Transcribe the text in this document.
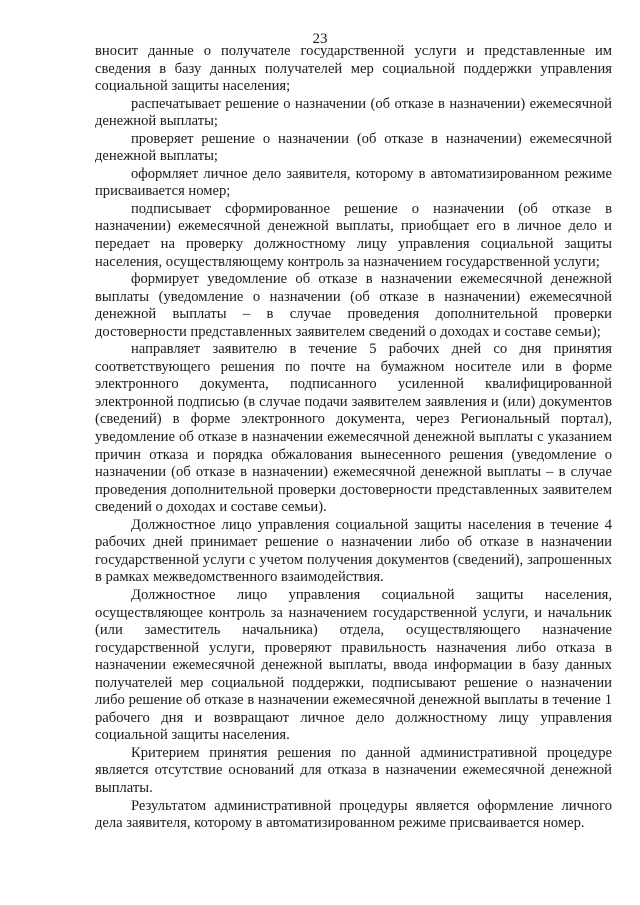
23

вносит данные о получателе государственной услуги и представленные им сведения в базу данных получателей мер социальной поддержки управления социальной защиты населения;

распечатывает решение о назначении (об отказе в назначении) ежемесячной денежной выплаты;

проверяет решение о назначении (об отказе в назначении) ежемесячной денежной выплаты;

оформляет личное дело заявителя, которому в автоматизированном режиме присваивается номер;

подписывает сформированное решение о назначении (об отказе в назначении) ежемесячной денежной выплаты, приобщает его в личное дело и передает на проверку должностному лицу управления социальной защиты населения, осуществляющему контроль за назначением государственной услуги;

формирует уведомление об отказе в назначении ежемесячной денежной выплаты (уведомление о назначении (об отказе в назначении) ежемесячной денежной выплаты – в случае проведения дополнительной проверки достоверности представленных заявителем сведений о доходах и составе семьи);

направляет заявителю в течение 5 рабочих дней со дня принятия соответствующего решения по почте на бумажном носителе или в форме электронного документа, подписанного усиленной квалифицированной электронной подписью (в случае подачи заявителем заявления и (или) документов (сведений) в форме электронного документа, через Региональный портал), уведомление об отказе в назначении ежемесячной денежной выплаты с указанием причин отказа и порядка обжалования вынесенного решения (уведомление о назначении (об отказе в назначении) ежемесячной денежной выплаты – в случае проведения дополнительной проверки достоверности представленных заявителем сведений о доходах и составе семьи).

Должностное лицо управления социальной защиты населения в течение 4 рабочих дней принимает решение о назначении либо об отказе в назначении государственной услуги с учетом получения документов (сведений), запрошенных в рамках межведомственного взаимодействия.

Должностное лицо управления социальной защиты населения, осуществляющее контроль за назначением государственной услуги, и начальник (или заместитель начальника) отдела, осуществляющего назначение государственной услуги, проверяют правильность назначения либо отказа в назначении ежемесячной денежной выплаты, ввода информации в базу данных получателей мер социальной поддержки, подписывают решение о назначении либо решение об отказе в назначении ежемесячной денежной выплаты в течение 1 рабочего дня и возвращают личное дело должностному лицу управления социальной защиты населения.

Критерием принятия решения по данной административной процедуре является отсутствие оснований для отказа в назначении ежемесячной денежной выплаты.

Результатом административной процедуры является оформление личного дела заявителя, которому в автоматизированном режиме присваивается номер.
